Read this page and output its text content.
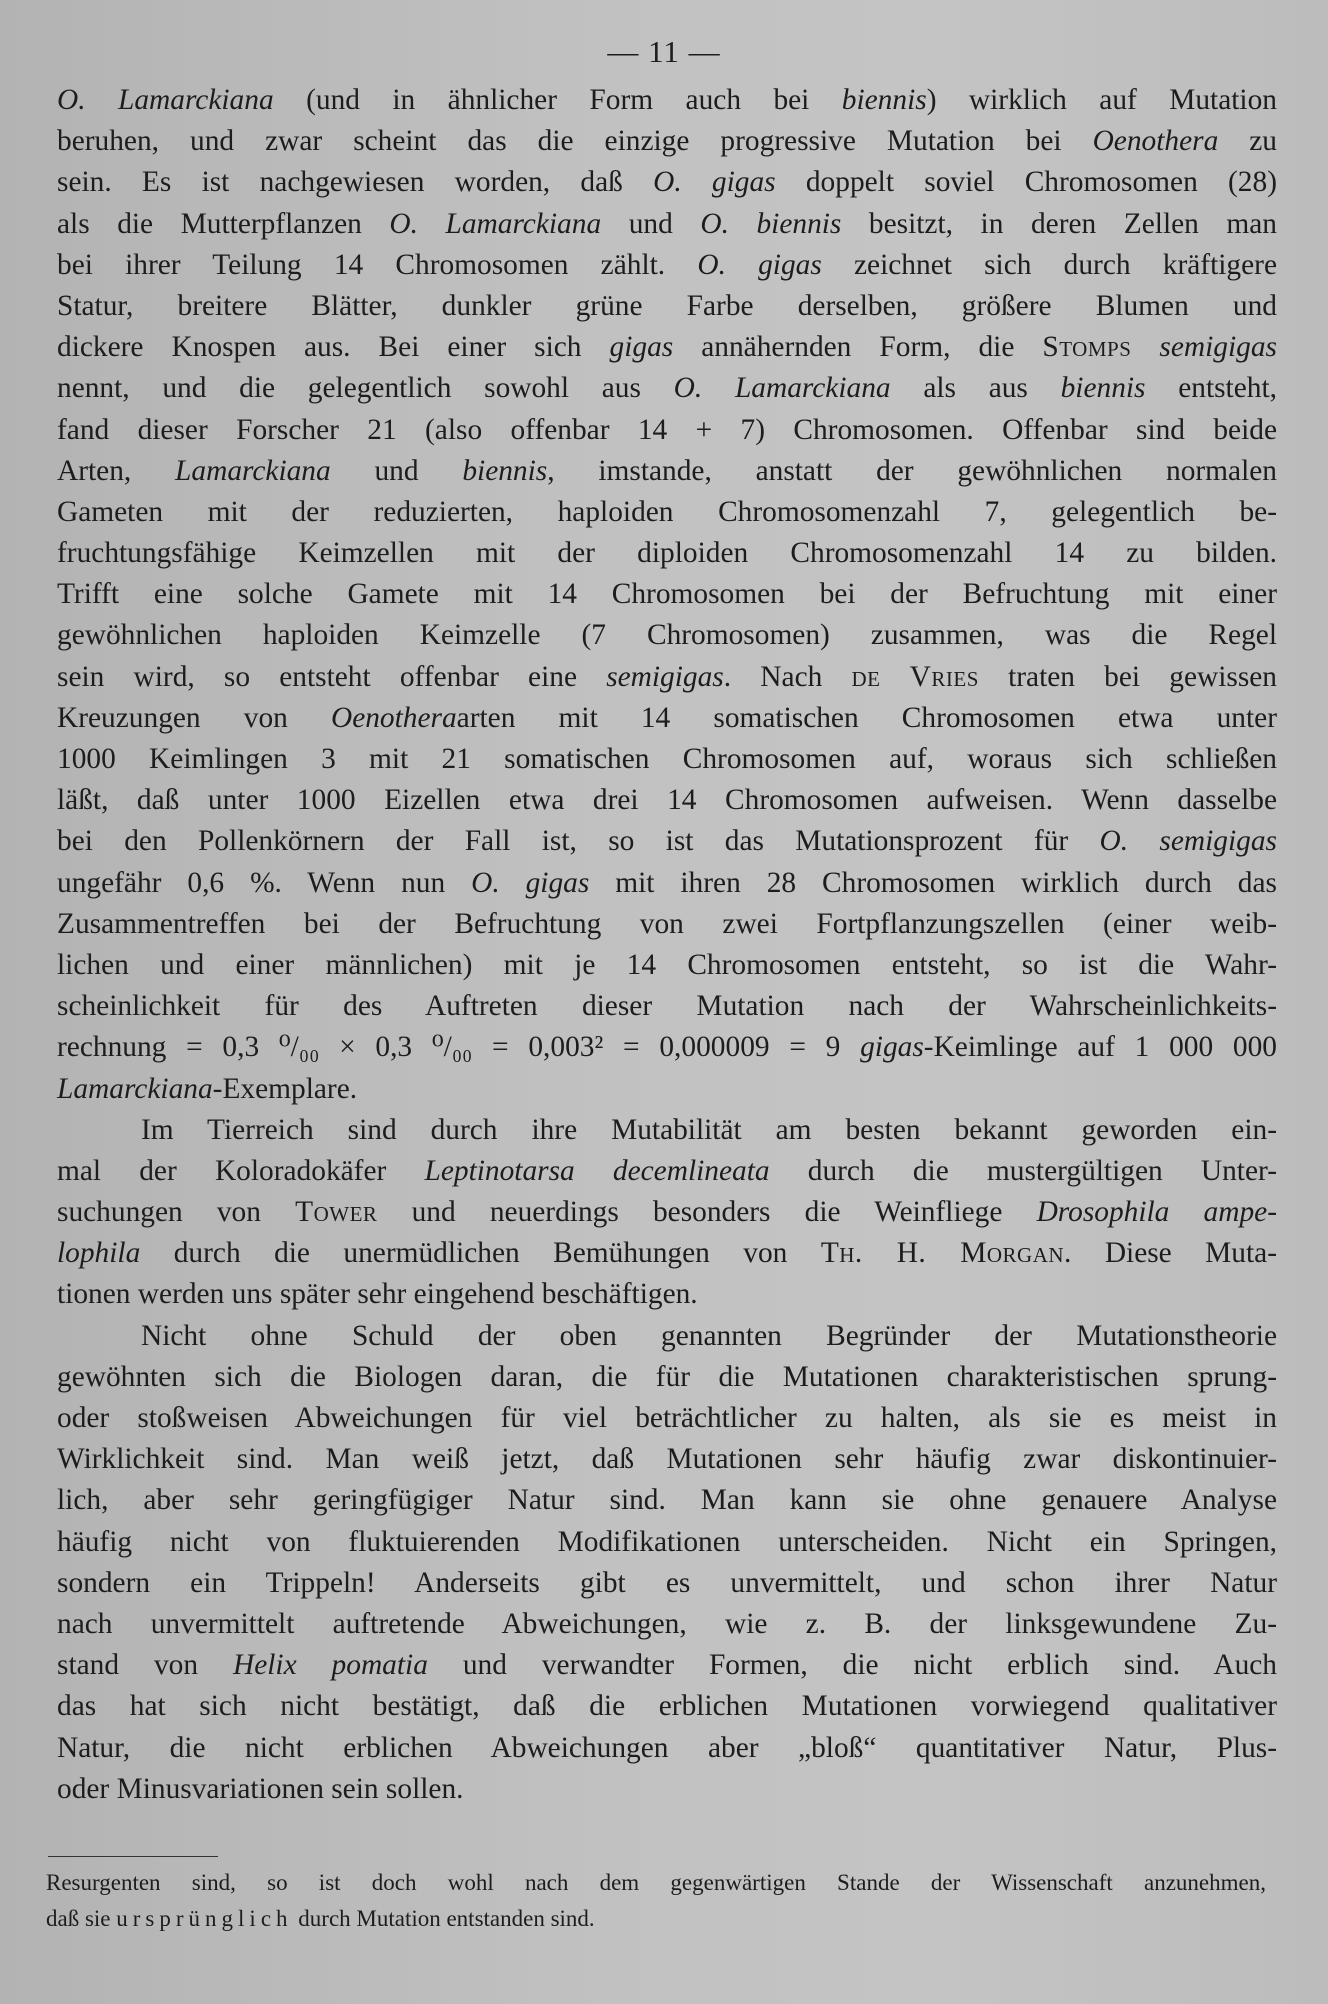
— 11 —
O. Lamarckiana (und in ähnlicher Form auch bei biennis) wirklich auf Mutation
beruhen, und zwar scheint das die einzige progressive Mutation bei Oenothera zu
sein. Es ist nachgewiesen worden, daß O. gigas doppelt soviel Chromosomen (28)
als die Mutterpflanzen O. Lamarckiana und O. biennis besitzt, in deren Zellen man
bei ihrer Teilung 14 Chromosomen zählt. O. gigas zeichnet sich durch kräftigere
Statur, breitere Blätter, dunkler grüne Farbe derselben, größere Blumen und
dickere Knospen aus. Bei einer sich gigas annähernden Form, die Stomps semigigas
nennt, und die gelegentlich sowohl aus O. Lamarckiana als aus biennis entsteht,
fand dieser Forscher 21 (also offenbar 14 + 7) Chromosomen. Offenbar sind beide
Arten, Lamarckiana und biennis, imstande, anstatt der gewöhnlichen normalen
Gameten mit der reduzierten, haploiden Chromosomenzahl 7, gelegentlich be-
fruchtungsfähige Keimzellen mit der diploiden Chromosomenzahl 14 zu bilden.
Trifft eine solche Gamete mit 14 Chromosomen bei der Befruchtung mit einer
gewöhnlichen haploiden Keimzelle (7 Chromosomen) zusammen, was die Regel
sein wird, so entsteht offenbar eine semigigas. Nach de Vries traten bei gewissen
Kreuzungen von Oenotheraarten mit 14 somatischen Chromosomen etwa unter
1000 Keimlingen 3 mit 21 somatischen Chromosomen auf, woraus sich schließen
läßt, daß unter 1000 Eizellen etwa drei 14 Chromosomen aufweisen. Wenn dasselbe
bei den Pollenkörnern der Fall ist, so ist das Mutationsprozent für O. semigigas
ungefähr 0,6 %. Wenn nun O. gigas mit ihren 28 Chromosomen wirklich durch das
Zusammentreffen bei der Befruchtung von zwei Fortpflanzungszellen (einer weib-
lichen und einer männlichen) mit je 14 Chromosomen entsteht, so ist die Wahr-
scheinlichkeit für des Auftreten dieser Mutation nach der Wahrscheinlichkeits-
rechnung = 0,3 ⁰/₀₀ × 0,3 ⁰/₀₀ = 0,003² = 0,000009 = 9 gigas-Keimlinge auf 1 000 000
Lamarckiana-Exemplare.
Im Tierreich sind durch ihre Mutabilität am besten bekannt geworden ein-
mal der Koloradokäfer Leptinotarsa decemlineata durch die mustergültigen Unter-
suchungen von Tower und neuerdings besonders die Weinfliege Drosophila ampe-
lophila durch die unermüdlichen Bemühungen von Th. H. Morgan. Diese Muta-
tionen werden uns später sehr eingehend beschäftigen.
Nicht ohne Schuld der oben genannten Begründer der Mutationstheorie
gewöhnten sich die Biologen daran, die für die Mutationen charakteristischen sprung-
oder stoßweisen Abweichungen für viel beträchtlicher zu halten, als sie es meist in
Wirklichkeit sind. Man weiß jetzt, daß Mutationen sehr häufig zwar diskontinuier-
lich, aber sehr geringfügiger Natur sind. Man kann sie ohne genauere Analyse
häufig nicht von fluktuierenden Modifikationen unterscheiden. Nicht ein Springen,
sondern ein Trippeln! Anderseits gibt es unvermittelt, und schon ihrer Natur
nach unvermittelt auftretende Abweichungen, wie z. B. der linksgewundene Zu-
stand von Helix pomatia und verwandter Formen, die nicht erblich sind. Auch
das hat sich nicht bestätigt, daß die erblichen Mutationen vorwiegend qualitativer
Natur, die nicht erblichen Abweichungen aber „bloß“ quantitativer Natur, Plus-
oder Minusvariationen sein sollen.
Resurgenten sind, so ist doch wohl nach dem gegenwärtigen Stande der Wissenschaft anzunehmen,
daß sie ursprünglich durch Mutation entstanden sind.
